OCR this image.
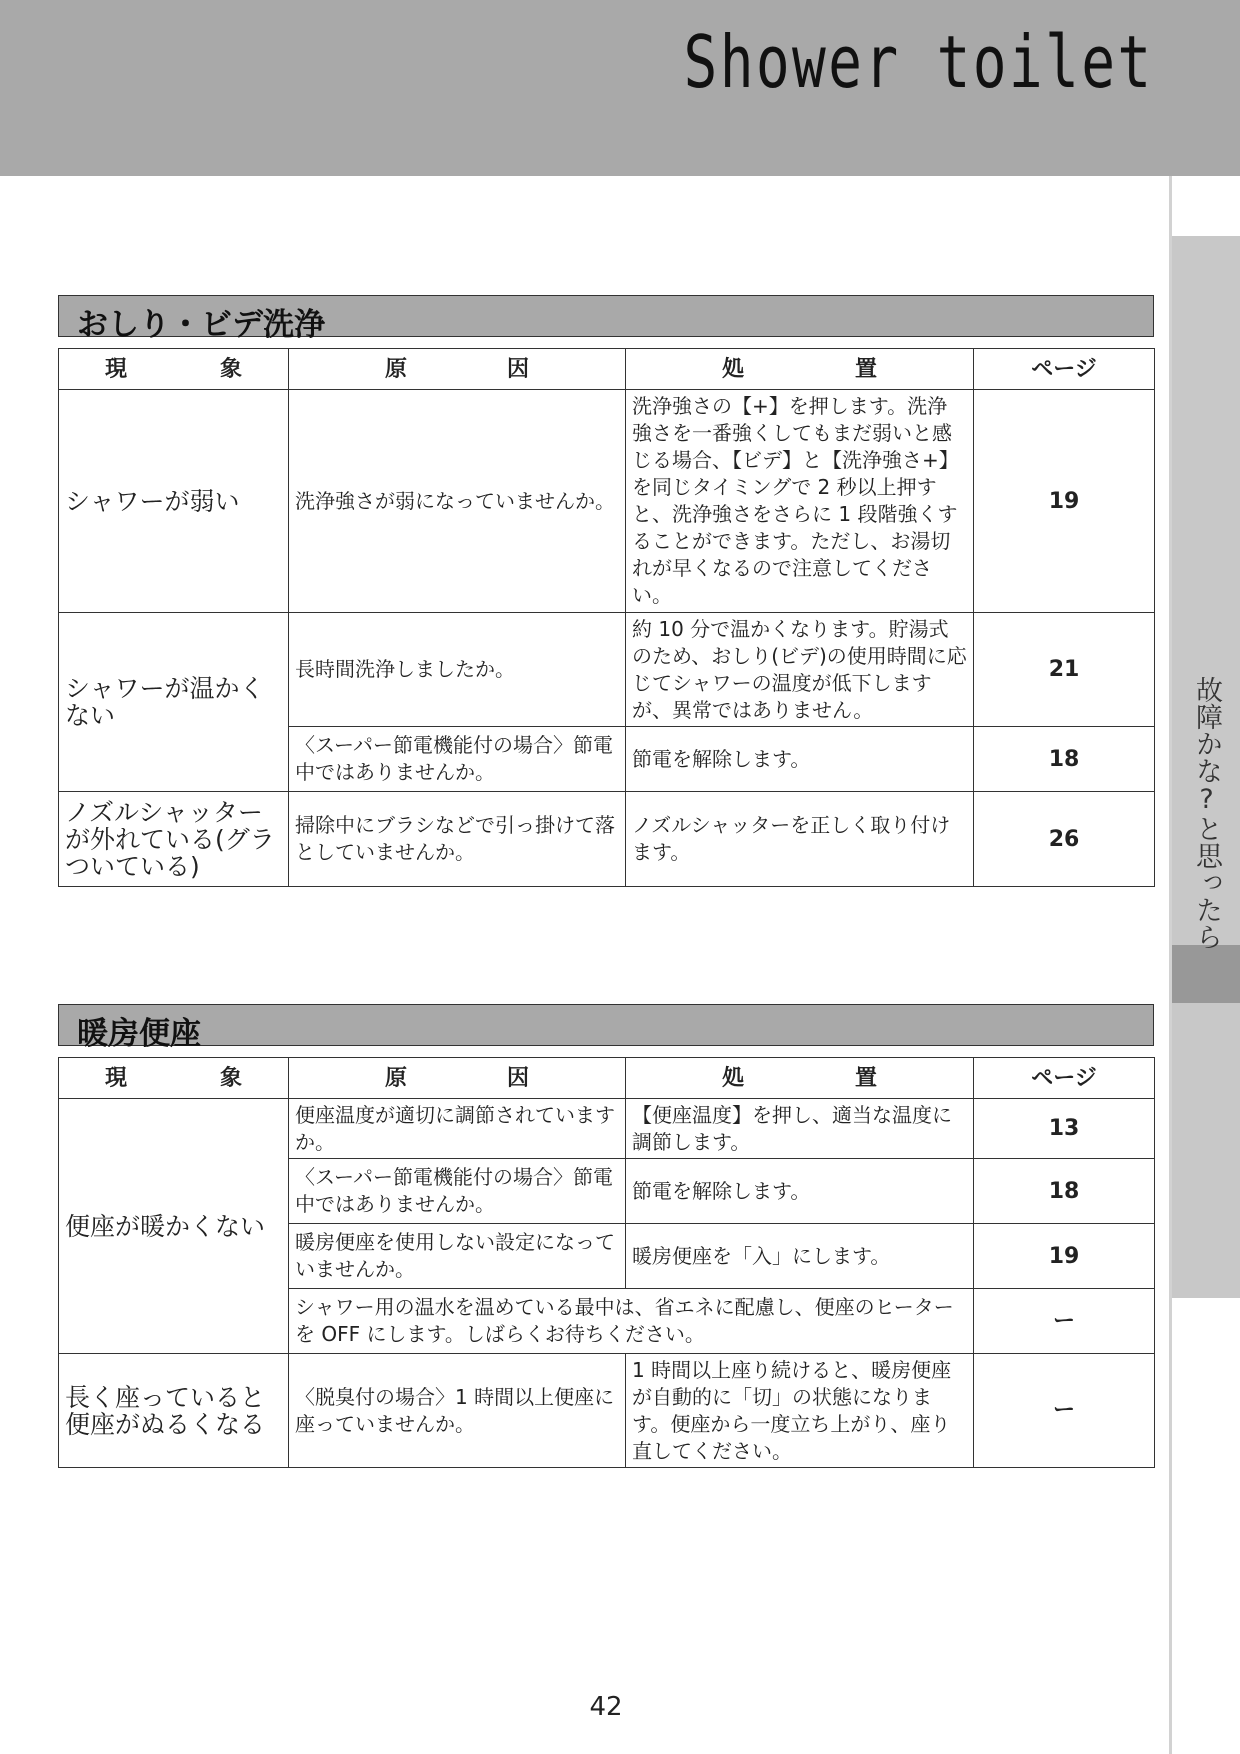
Shower toilet
故障かな?と思ったら
おしり・ビデ洗浄
現 象	原 因	処 置	ページ
シャワーが弱い	洗浄強さが弱になっていませんか。	洗浄強さの【+】を押します。洗浄強さを一番強くしてもまだ弱いと感じる場合、【ビデ】と【洗浄強さ+】を同じタイミングで 2 秒以上押すと、洗浄強さをさらに 1 段階強くすることができます。ただし、お湯切れが早くなるので注意してください。	19
シャワーが温かくない	長時間洗浄しましたか。	約 10 分で温かくなります。貯湯式のため、おしり(ビデ)の使用時間に応じてシャワーの温度が低下しますが、異常ではありません。	21
	〈スーパー節電機能付の場合〉節電中ではありませんか。	節電を解除します。	18
ノズルシャッターが外れている(グラついている)	掃除中にブラシなどで引っ掛けて落としていませんか。	ノズルシャッターを正しく取り付けます。	26
暖房便座
現 象	原 因	処 置	ページ
便座が暖かくない	便座温度が適切に調節されていますか。	【便座温度】を押し、適当な温度に調節します。	13
	〈スーパー節電機能付の場合〉節電中ではありませんか。	節電を解除します。	18
	暖房便座を使用しない設定になっていませんか。	暖房便座を「入」にします。	19
	シャワー用の温水を温めている最中は、省エネに配慮し、便座のヒーターを OFF にします。しばらくお待ちください。		ー
長く座っていると便座がぬるくなる	〈脱臭付の場合〉1 時間以上便座に座っていませんか。	1 時間以上座り続けると、暖房便座が自動的に「切」の状態になります。便座から一度立ち上がり、座り直してください。	ー
42
